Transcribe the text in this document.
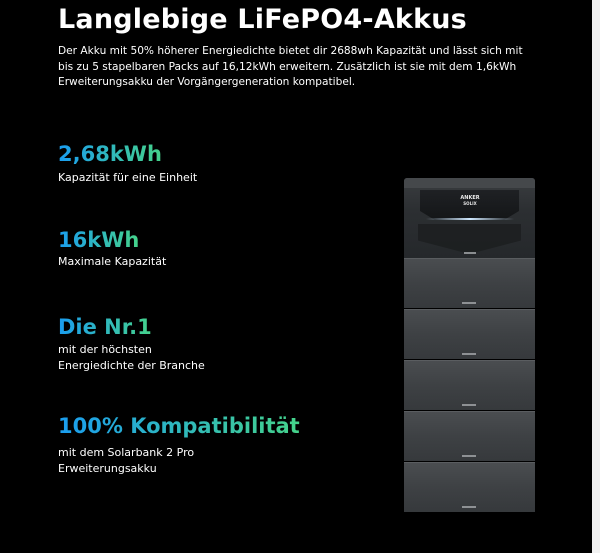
Langlebige LiFePO4-Akkus
Der Akku mit 50% höherer Energiedichte bietet dir 2688wh Kapazität und lässt sich mit bis zu 5 stapelbaren Packs auf 16,12kWh erweitern. Zusätzlich ist sie mit dem 1,6kWh Erweiterungsakku der Vorgängergeneration kompatibel.
2,68kWh
Kapazität für eine Einheit
16kWh
Maximale Kapazität
Die Nr.1
mit der höchsten
Energiedichte der Branche
100% Kompatibilität
mit dem Solarbank 2 Pro
Erweiterungsakku
ANKER
SOLIX
